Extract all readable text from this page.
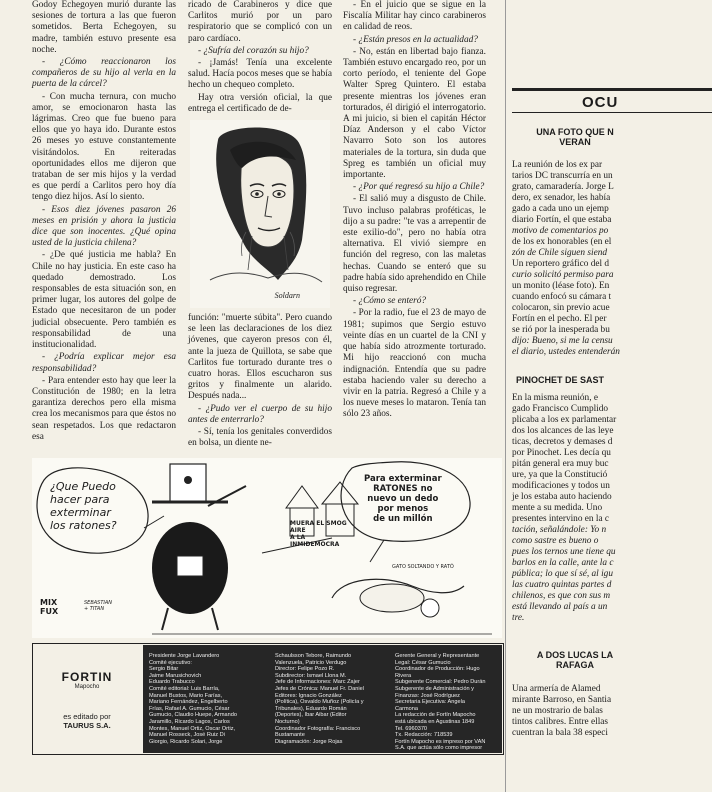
Godoy Echegoyen murió durante las sesiones de tortura a las que fueron sometidos. Berta Echegoyen, su madre, también estuvo presente esa noche.

- ¿Cómo reaccionaron los compañeros de su hijo al verla en la puerta de la cárcel?

- Con mucha ternura, con mucho amor, se emocionaron hasta las lágrimas. Creo que fue bueno para ellos que yo haya ido. Durante estos 26 meses yo estuve constantemente visitándolos. En reiteradas oportunidades ellos me dijeron que trataban de ser mis hijos y la verdad es que perdí a Carlitos pero hoy día tengo diez hijos. Así lo siento.

- Esos diez jóvenes pasaron 26 meses en prisión y ahora la justicia dice que son inocentes. ¿Qué opina usted de la justicia chilena?

- ¿De qué justicia me habla? En Chile no hay justicia. En este caso ha quedado demostrado. Los responsables de esta situación son, en primer lugar, los autores del golpe de Estado que necesitaron de un poder judicial obsecuente. Pero también es responsabilidad de una institucionalidad.

- ¿Podría explicar mejor esa responsabilidad?

- Para entender esto hay que leer la Constitución de 1980; en la letra garantiza derechos pero ella misma crea los mecanismos para que éstos no sean respetados. Los que redactaron esa

ricado de Carabineros y dice que Carlitos murió por un paro respiratorio que se complicó con un paro cardíaco.

- ¿Sufría del corazón su hijo?

- ¡Jamás! Tenía una excelente salud. Hacía pocos meses que se había hecho un chequeo completo.

Hay otra versión oficial, la que entrega el certificado de de-

función: "muerte súbita". Pero cuando se leen las declaraciones de los diez jóvenes, que cayeron presos con él, ante la jueza de Quillota, se sabe que Carlitos fue torturado durante tres o cuatro horas. Ellos escucharon sus gritos y finalmente un alarido. Después nada...

- ¿Pudo ver el cuerpo de su hijo antes de enterrarlo?

- Sí, tenía los genitales converdidos en bolsa, un diente ne-

Soldarn

- En el juicio que se sigue en la Fiscalía Militar hay cinco carabineros en calidad de reos.

- ¿Están presos en la actualidad?

- No, están en libertad bajo fianza. También estuvo encargado reo, por un corto período, el teniente del Gope Walter Spreg Quintero. El estaba presente mientras los jóvenes eran torturados, él dirigió el interrogatorio. A mi juicio, si bien el capitán Héctor Díaz Anderson y el cabo Víctor Navarro Soto son los autores materiales de la tortura, sin duda que Spreg es también un oficial muy importante.

- ¿Por qué regresó su hijo a Chile?

- El salió muy a disgusto de Chile. Tuvo incluso palabras proféticas, le dijo a su padre: "te vas a arrepentir de este exilio-do", pero no había otra alternativa. El vivió siempre en función del regreso, con las maletas hechas. Cuando se enteró que su padre había sido aprehendido en Chile quiso regresar.

- ¿Cómo se enteró?

- Por la radio, fue el 23 de mayo de 1981; supimos que Sergio estuvo veinte días en un cuartel de la CNI y que había sido atrozmente torturado. Mi hijo reaccionó con mucha indignación. Entendía que su padre estaba haciendo valer su derecho a vivir en la patria. Regresó a Chile y a los nueve meses lo mataron. Tenía tan sólo 23 años.

OCU
UNA FOTO QUE N
VERAN
La reunión de los ex par
tarios DC transcurría en un
grato, camaradería. Jorge L
dero, ex senador, les había
gado a cada uno un ejemp
diario Fortín, el que estaba
motivo de comentarios po
de los ex honorables (en el
zón de Chile siguen siend
Un reportero gráfico del d
curio solicitó permiso para
un monito (léase foto). En
cuando enfocó su cámara t
colocaron, sin previo acue
Fortín en el pecho. El per
se rió por la inesperada bu
dijo: Bueno, si me la censu
el diario, ustedes entenderán
PINOCHET DE SAST
En la misma reunión, e
gado Francisco Cumplido
plicaba a los ex parlamentar
dos los alcances de las leye
ticas, decretos y demases d
por Pinochet. Les decía qu
pitán general era muy buc
ure, ya que la Constitució
modificaciones y todos un
je los estaba auto haciendo
mente a su medida. Uno
presentes intervino en la c
tación, señalándole: Yo n
como sastre es bueno o
pues los ternos une tiene qu
barlos en la calle, ante la c
pública; lo que sí sé, al igu
las cuatro quintas partes d
chilenos, es que con sus m
está llevando al país a un
tre.
A DOS LUCAS LA
RAFAGA
Una armería de Alamed
mirante Barroso, en Santia
ne un mostrario de balas
tintos calibres. Entre ellas
cuentran la bala 38 especi
¿Que Puedo
hacer para
exterminar
los ratones?
Para exterminar
RATONES no
nuevo un dedo
por menos
de un millón
MUERA EL SMOG
AIRE
A LA
INMIDEMOCRA
GATO SOLTANDO Y RATÓ
MIX
FUX
SEBASTIAN
+ TITAN
FORTIN
Mapocho
es editado por
TAURUS S.A.
Presidente Jorge Lavandero
Comité ejecutivo:
Sergio Bitar
Jaime Marusichovich
Eduardo Trabucco
Comité editorial: Luis Barría,
Manuel Bustos, Mario Farías,
Mariano Fernández, Engelberto
Frías, Rafael A. Gumucio, César
Gumucio, Claudio Huepe, Armando
Jaramillo, Ricardo Lagos, Carlos
Montes, Manuel Ortiz, Oscar Ortiz,
Manuel Rosseck, José Ruiz Di
Giorgio, Ricardo Solari, Jorge
Schaulsson Tebore, Raimundo
Valenzuela, Patricio Verdugo
Director: Felipe Pozo R.
Subdirector: Ismael Llona M.
Jefe de Informaciones: Marc Zajer
Jefes de Crónica: Manuel Fr. Daniel
Editores: Ignacio González
(Política), Osvaldo Muñoz (Policía y
Tribunales), Eduardo Román
(Deportes), Ibar Aibar (Editor
Nocturno)
Coordinador Fotografía: Francisco
Bustamante
Diagramación: Jorge Rojas
Gerente General y Representante
Legal: César Gumucio
Coordinador de Producción: Hugo
Rivera
Subgerente Comercial: Pedro Durán
Subgerente de Administración y
Finanzas: José Rodríguez
Secretaria Ejecutiva: Angela
Carmona
La redacción de Fortín Mapocho
está ubicada en Agustinas 1849
Tel. 6960370
Tx. Redacción: 718539
Fortín Mapocho es impreso por VAN
S.A. que actúa sólo como impresor
